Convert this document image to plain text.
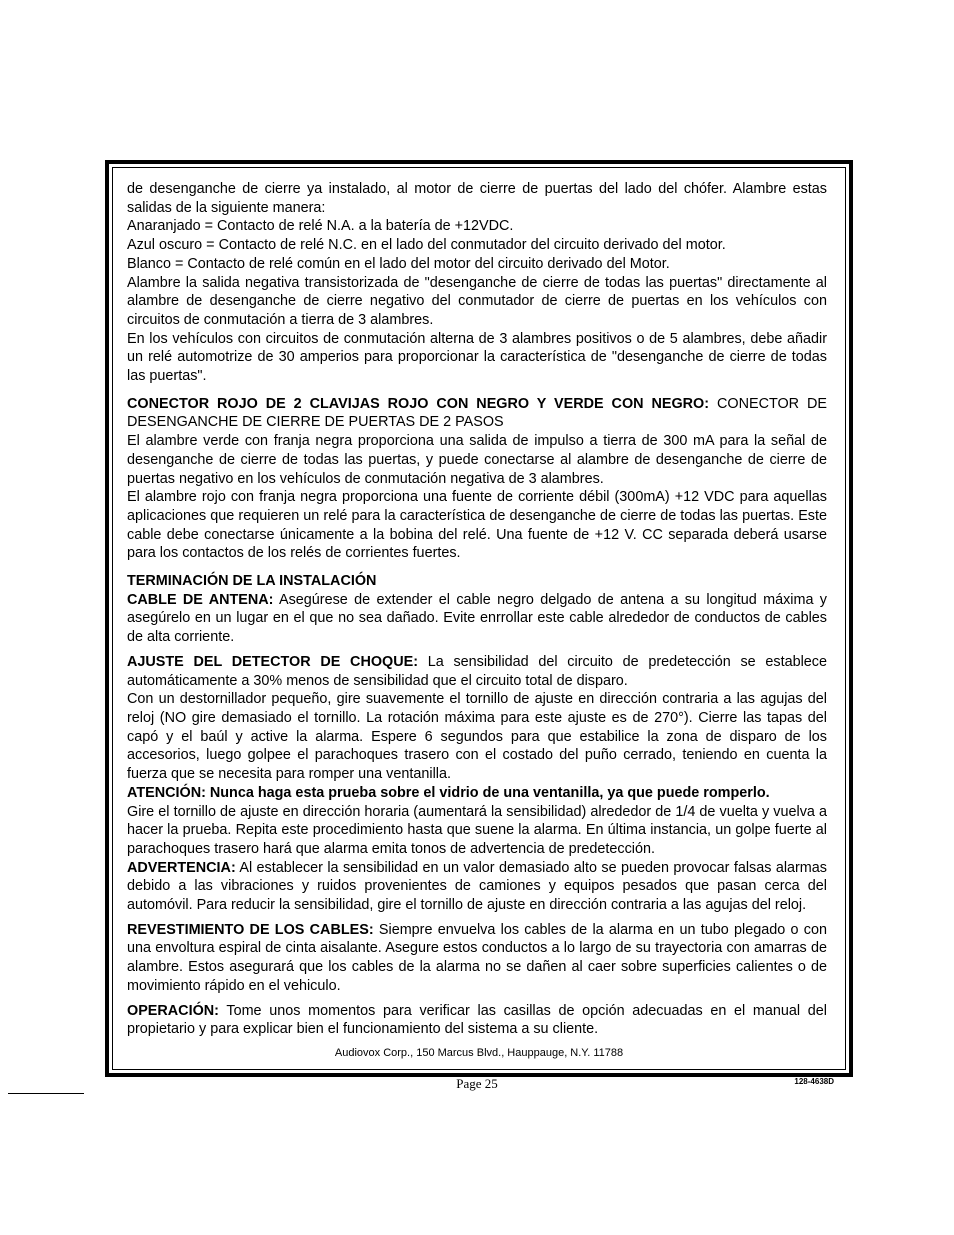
de desenganche de cierre ya instalado, al motor de cierre de puertas del lado del chófer. Alambre estas salidas de la siguiente manera:

Anaranjado = Contacto de relé N.A. a la batería de +12VDC.

Azul oscuro = Contacto de relé N.C. en el lado del conmutador del circuito derivado del motor.

Blanco = Contacto de relé común en el lado del motor del circuito derivado del Motor.

Alambre la salida negativa transistorizada de "desenganche de cierre de todas las puertas" directamente al alambre de desenganche de cierre negativo del conmutador de cierre de puertas en los vehículos con circuitos de conmutación a tierra de 3 alambres.

En los vehículos con circuitos de conmutación alterna de 3 alambres positivos o de 5 alambres, debe añadir un relé automotrize de 30 amperios para proporcionar la característica de "desenganche de cierre de todas las puertas".

CONECTOR ROJO DE 2 CLAVIJAS ROJO CON NEGRO Y VERDE CON NEGRO: CONECTOR DE DESENGANCHE DE CIERRE DE PUERTAS DE 2 PASOS

El alambre verde con franja negra proporciona una salida de impulso a tierra de 300 mA para la señal de desenganche de cierre de todas las puertas, y puede conectarse al alambre de desenganche de cierre de puertas negativo en los vehículos de conmutación negativa de 3 alambres.

El alambre rojo con franja negra proporciona una fuente de corriente débil (300mA) +12 VDC para aquellas aplicaciones que requieren un relé para la característica de desenganche de cierre de todas las puertas. Este cable debe conectarse únicamente a la bobina del relé. Una fuente de +12 V. CC separada deberá usarse para los contactos de los relés de corrientes fuertes.

TERMINACIÓN DE LA INSTALACIÓN

CABLE DE ANTENA: Asegúrese de extender el cable negro delgado de antena a su longitud máxima y asegúrelo en un lugar en el que no sea dañado. Evite enrrollar este cable alrededor de conductos de cables de alta corriente.

AJUSTE DEL DETECTOR DE CHOQUE: La sensibilidad del circuito de predetección se establece automáticamente a 30% menos de sensibilidad que el circuito total de disparo.

Con un destornillador pequeño, gire suavemente el tornillo de ajuste en dirección contraria a las agujas del reloj (NO gire demasiado el tornillo. La rotación máxima para este ajuste es de 270°). Cierre las tapas del capó y el baúl y active la alarma. Espere 6 segundos para que estabilice la zona de disparo de los accesorios, luego golpee el parachoques trasero con el costado del puño cerrado, teniendo en cuenta la fuerza que se necesita para romper una ventanilla.

ATENCIÓN: Nunca haga esta prueba sobre el vidrio de una ventanilla, ya que puede romperlo.

Gire el tornillo de ajuste en dirección horaria (aumentará la sensibilidad) alrededor de 1/4 de vuelta y vuelva a hacer la prueba. Repita este procedimiento hasta que suene la alarma. En última instancia, un golpe fuerte al parachoques trasero hará que alarma emita tonos de advertencia de predetección.

ADVERTENCIA: Al establecer la sensibilidad en un valor demasiado alto se pueden provocar falsas alarmas debido a las vibraciones y ruidos provenientes de camiones y equipos pesados que pasan cerca del automóvil. Para reducir la sensibilidad, gire el tornillo de ajuste en dirección contraria a las agujas del reloj.

REVESTIMIENTO DE LOS CABLES: Siempre envuelva los cables de la alarma en un tubo plegado o con una envoltura espiral de cinta aisalante. Asegure estos conductos a lo largo de su trayectoria con amarras de alambre. Estos asegurará que los cables de la alarma no se dañen al caer sobre superficies calientes o de movimiento rápido en el vehiculo.

OPERACIÓN: Tome unos momentos para verificar las casillas de opción adecuadas en el manual del propietario y para explicar bien el funcionamiento del sistema a su cliente.

Audiovox Corp., 150 Marcus Blvd., Hauppauge, N.Y. 11788
Page 25	128-4638D
